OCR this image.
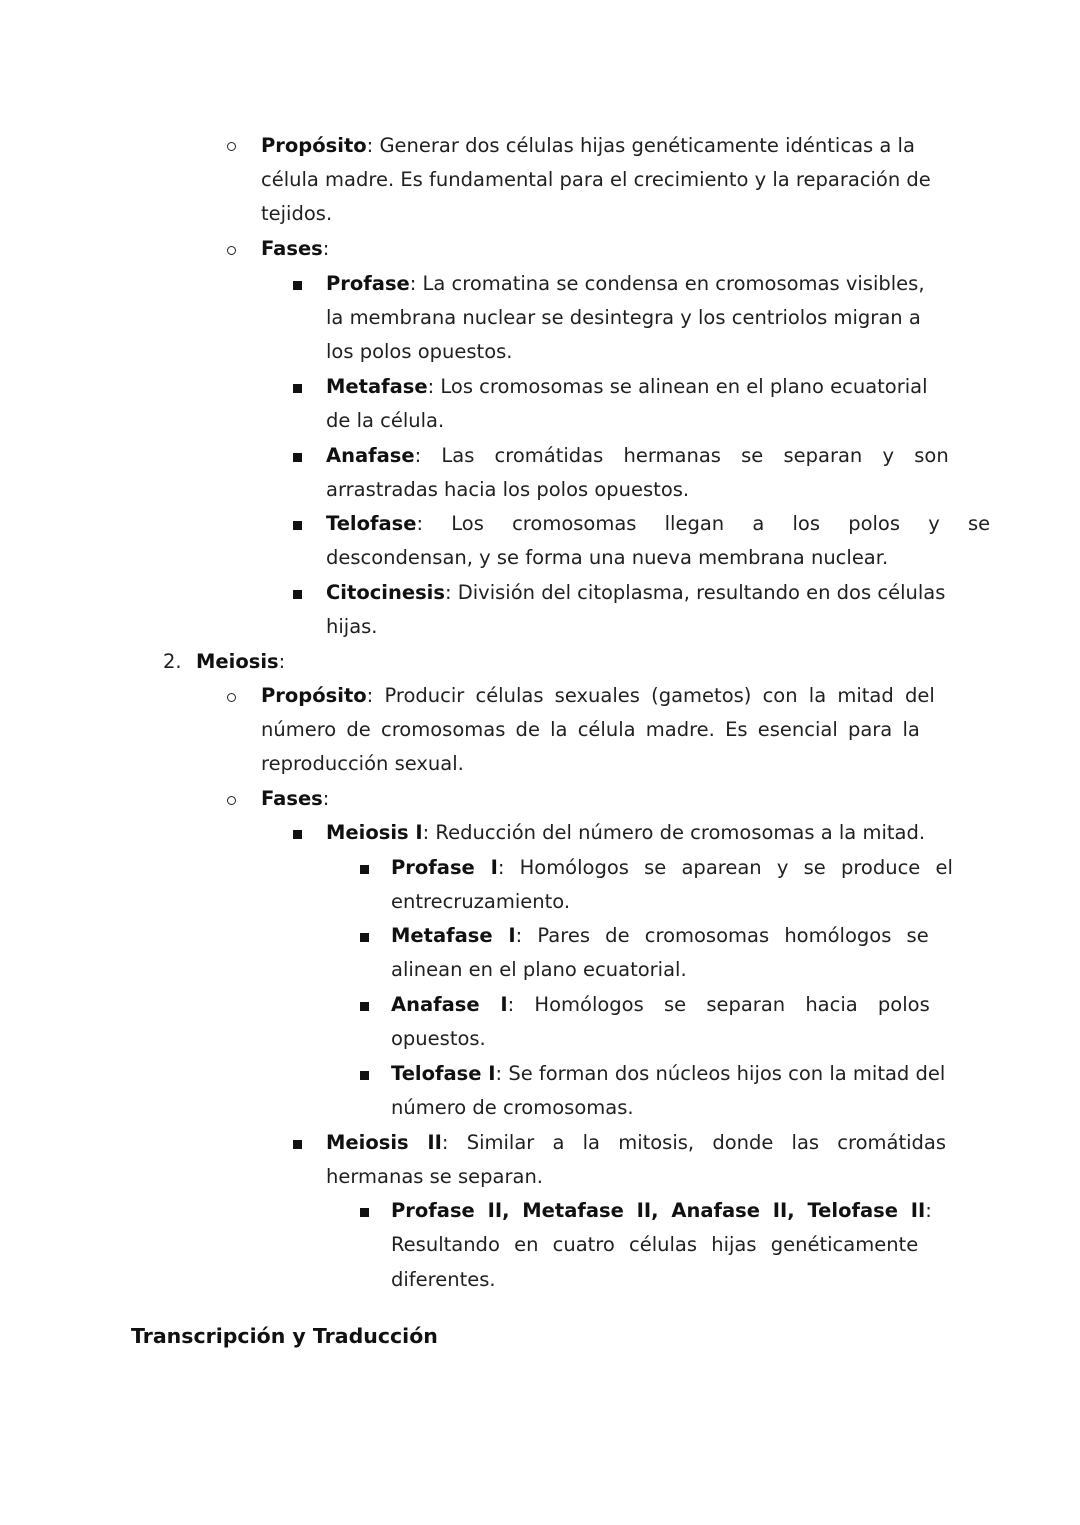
Propósito: Generar dos células hijas genéticamente idénticas a la
célula madre. Es fundamental para el crecimiento y la reparación de
tejidos.
Fases:
Profase: La cromatina se condensa en cromosomas visibles,
la membrana nuclear se desintegra y los centriolos migran a
los polos opuestos.
Metafase: Los cromosomas se alinean en el plano ecuatorial
de la célula.
Anafase: Las cromátidas hermanas se separan y son
arrastradas hacia los polos opuestos.
Telofase: Los cromosomas llegan a los polos y se
descondensan, y se forma una nueva membrana nuclear.
Citocinesis: División del citoplasma, resultando en dos células
hijas.
2. Meiosis:
Propósito: Producir células sexuales (gametos) con la mitad del
número de cromosomas de la célula madre. Es esencial para la
reproducción sexual.
Fases:
Meiosis I: Reducción del número de cromosomas a la mitad.
Profase I: Homólogos se aparean y se produce el
entrecruzamiento.
Metafase I: Pares de cromosomas homólogos se
alinean en el plano ecuatorial.
Anafase I: Homólogos se separan hacia polos
opuestos.
Telofase I: Se forman dos núcleos hijos con la mitad del
número de cromosomas.
Meiosis II: Similar a la mitosis, donde las cromátidas
hermanas se separan.
Profase II, Metafase II, Anafase II, Telofase II:
Resultando en cuatro células hijas genéticamente
diferentes.
Transcripción y Traducción
